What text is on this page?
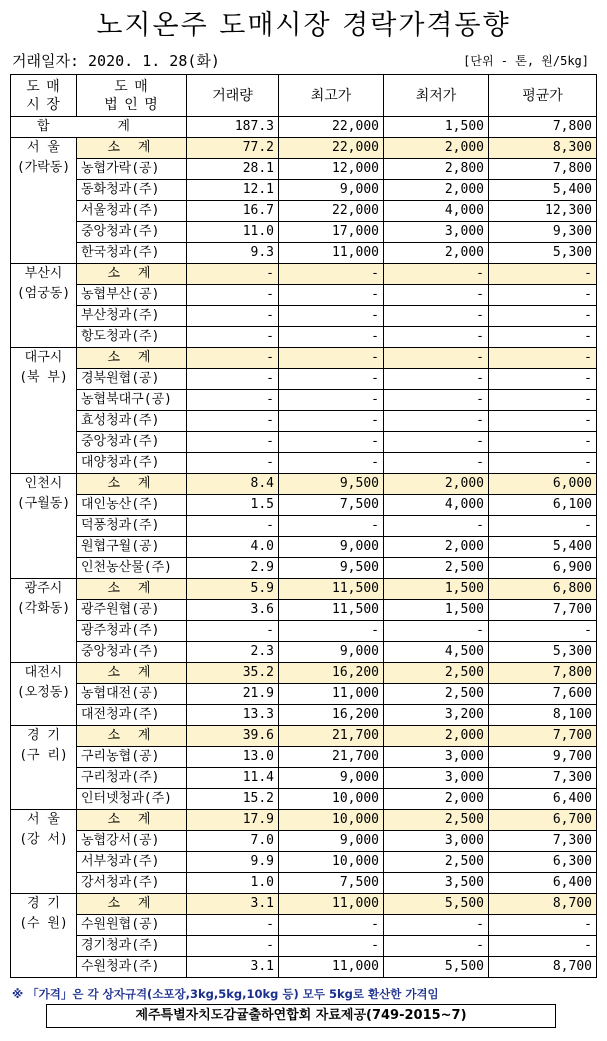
노지온주 도매시장 경락가격동향
거래일자: 2020. 1. 28(화)	[단위 - 톤, 원/5kg]
도 매
시 장	도 매
법 인 명	거래량	최고가	최저가	평균가
합 계		187.3	22,000	1,500	7,800
서 울
(가락동)	소 계	77.2	22,000	2,000	8,300
	농협가락(공)	28.1	12,000	2,800	7,800
	동화청과(주)	12.1	9,000	2,000	5,400
	서울청과(주)	16.7	22,000	4,000	12,300
	중앙청과(주)	11.0	17,000	3,000	9,300
	한국청과(주)	9.3	11,000	2,000	5,300
부산시
(엄궁동)	소 계	-	-	-	-
	농협부산(공)	-	-	-	-
	부산청과(주)	-	-	-	-
	항도청과(주)	-	-	-	-
대구시
(북 부)	소 계	-	-	-	-
	경북원협(공)	-	-	-	-
	농협북대구(공)	-	-	-	-
	효성청과(주)	-	-	-	-
	중앙청과(주)	-	-	-	-
	대양청과(주)	-	-	-	-
인천시
(구월동)	소 계	8.4	9,500	2,000	6,000
	대인농산(주)	1.5	7,500	4,000	6,100
	덕풍청과(주)	-	-	-	-
	원협구월(공)	4.0	9,000	2,000	5,400
	인천농산물(주)	2.9	9,500	2,500	6,900
광주시
(각화동)	소 계	5.9	11,500	1,500	6,800
	광주원협(공)	3.6	11,500	1,500	7,700
	광주청과(주)	-	-	-	-
	중앙청과(주)	2.3	9,000	4,500	5,300
대전시
(오정동)	소 계	35.2	16,200	2,500	7,800
	농협대전(공)	21.9	11,000	2,500	7,600
	대전청과(주)	13.3	16,200	3,200	8,100
경 기
(구 리)	소 계	39.6	21,700	2,000	7,700
	구리농협(공)	13.0	21,700	3,000	9,700
	구리청과(주)	11.4	9,000	3,000	7,300
	인터넷청과(주)	15.2	10,000	2,000	6,400
서 울
(강 서)	소 계	17.9	10,000	2,500	6,700
	농협강서(공)	7.0	9,000	3,000	7,300
	서부청과(주)	9.9	10,000	2,500	6,300
	강서청과(주)	1.0	7,500	3,500	6,400
경 기
(수 원)	소 계	3.1	11,000	5,500	8,700
	수원원협(공)	-	-	-	-
	경기청과(주)	-	-	-	-
	수원청과(주)	3.1	11,000	5,500	8,700
※ 「가격」은 각 상자규격(소포장,3kg,5kg,10kg 등) 모두 5kg로 환산한 가격임
제주특별자치도감귤출하연합회 자료제공(749-2015~7)
